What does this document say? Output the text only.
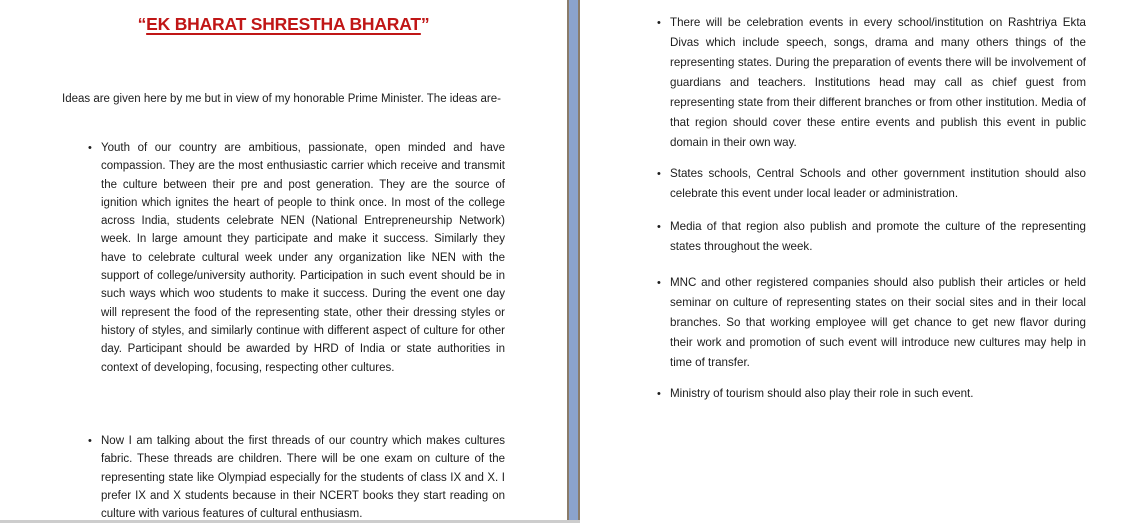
“EK BHARAT SHRESTHA BHARAT”

Ideas are given here by me but in view of my honorable Prime Minister. The ideas are-

• Youth of our country are ambitious, passionate, open minded and have compassion. They are the most enthusiastic carrier which receive and transmit the culture between their pre and post generation. They are the source of ignition which ignites the heart of people to think once. In most of the college across India, students celebrate NEN (National Entrepreneurship Network) week. In large amount they participate and make it success. Similarly they have to celebrate cultural week under any organization like NEN with the support of college/university authority. Participation in such event should be in such ways which woo students to make it success. During the event one day will represent the food of the representing state, other their dressing styles or history of styles, and similarly continue with different aspect of culture for other day. Participant should be awarded by HRD of India or state authorities in context of developing, focusing, respecting other cultures.
• Now I am talking about the first threads of our country which makes cultures fabric. These threads are children. There will be one exam on culture of the representing state like Olympiad especially for the students of class IX and X. I prefer IX and X students because in their NCERT books they start reading on culture with various features of cultural enthusiasm.
• There will be celebration events in every school/institution on Rashtriya Ekta Divas which include speech, songs, drama and many others things of the representing states. During the preparation of events there will be involvement of guardians and teachers. Institutions head may call as chief guest from representing state from their different branches or from other institution. Media of that region should cover these entire events and publish this event in public domain in their own way.
• States schools, Central Schools and other government institution should also celebrate this event under local leader or administration.
• Media of that region also publish and promote the culture of the representing states throughout the week.
• MNC and other registered companies should also publish their articles or held seminar on culture of representing states on their social sites and in their local branches. So that working employee will get chance to get new flavor during their work and promotion of such event will introduce new cultures may help in time of transfer.
• Ministry of tourism should also play their role in such event.
